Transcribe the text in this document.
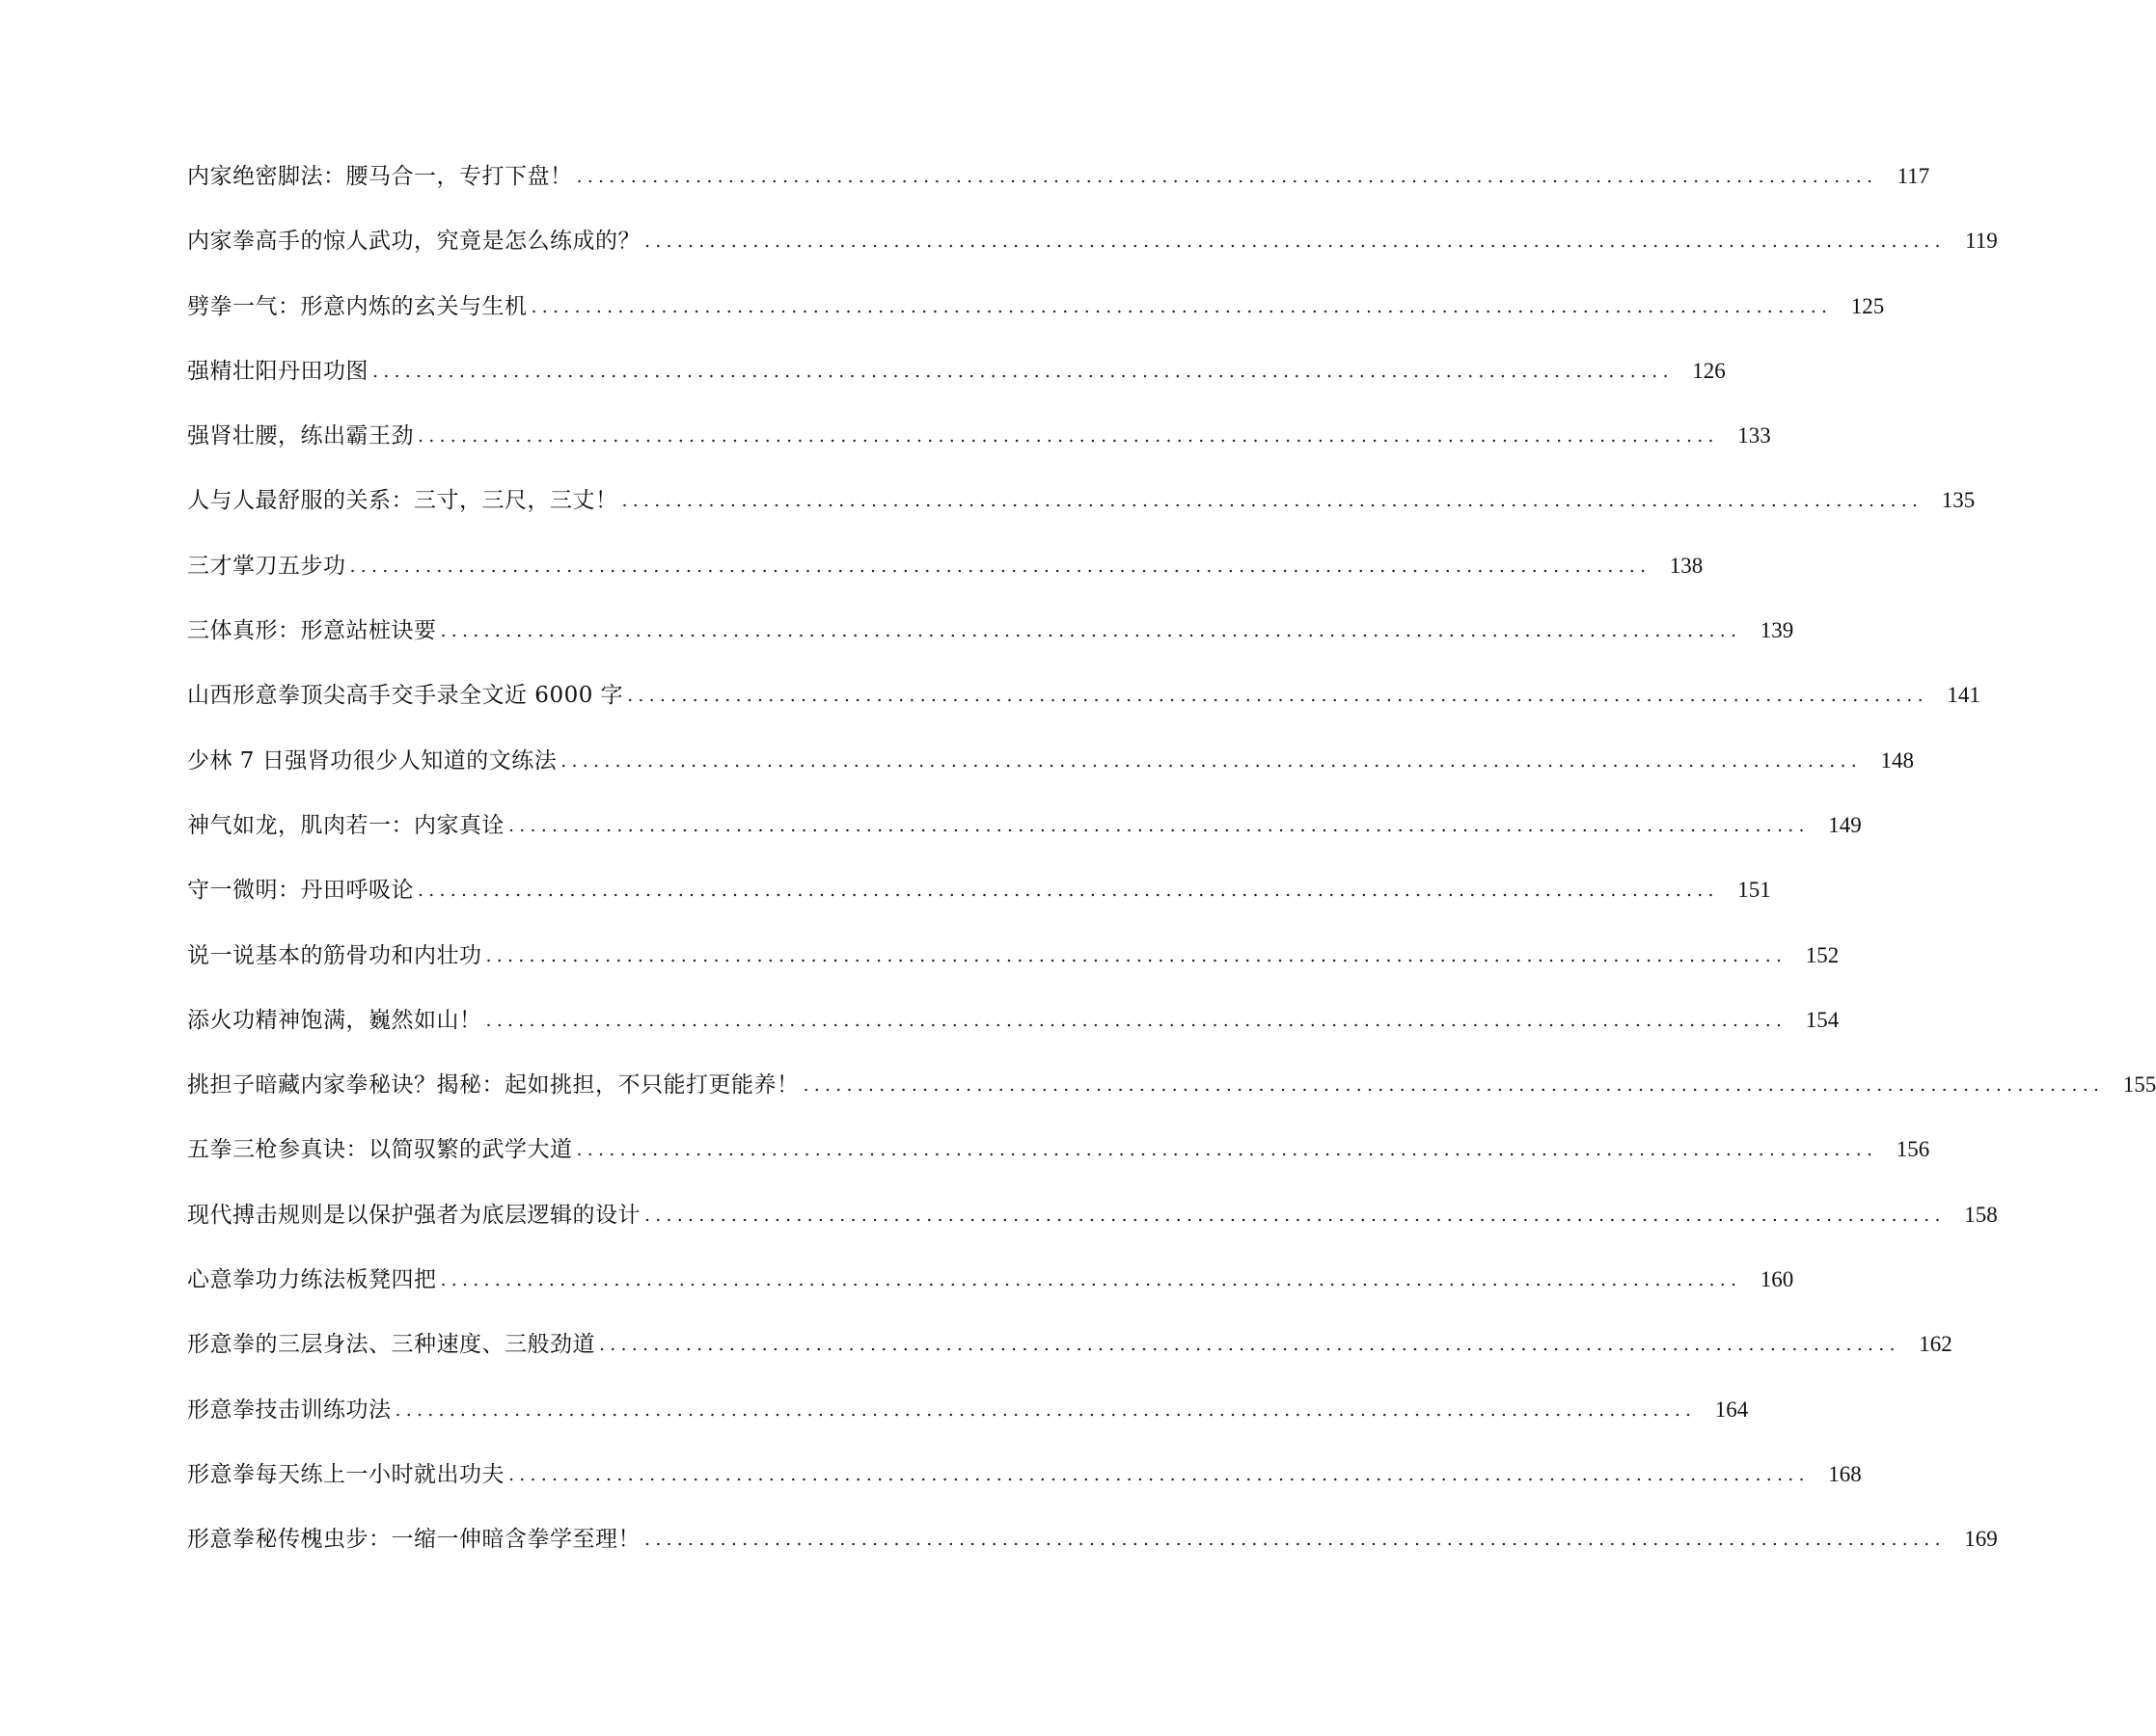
内家绝密脚法：腰马合一，专打下盘！ ........................................................................................................................ 117
内家拳高手的惊人武功，究竟是怎么练成的？ ........................................................................................................................ 119
劈拳一气：形意内炼的玄关与生机 ........................................................................................................................ 125
强精壮阳丹田功图 ........................................................................................................................ 126
强肾壮腰，练出霸王劲 ........................................................................................................................ 133
人与人最舒服的关系：三寸，三尺，三丈！ ........................................................................................................................ 135
三才掌刀五步功 ........................................................................................................................ 138
三体真形：形意站桩诀要 ........................................................................................................................ 139
山西形意拳顶尖高手交手录全文近 6000 字 ........................................................................................................................ 141
少林 7 日强肾功很少人知道的文练法 ........................................................................................................................ 148
神气如龙，肌肉若一：内家真诠 ........................................................................................................................ 149
守一微明：丹田呼吸论 ........................................................................................................................ 151
说一说基本的筋骨功和内壮功 ........................................................................................................................ 152
添火功精神饱满，巍然如山！ ........................................................................................................................ 154
挑担子暗藏内家拳秘诀？揭秘：起如挑担，不只能打更能养！ ........................................................................................................................ 155
五拳三枪参真诀：以简驭繁的武学大道 ........................................................................................................................ 156
现代搏击规则是以保护强者为底层逻辑的设计 ........................................................................................................................ 158
心意拳功力练法板凳四把 ........................................................................................................................ 160
形意拳的三层身法、三种速度、三般劲道 ........................................................................................................................ 162
形意拳技击训练功法 ........................................................................................................................ 164
形意拳每天练上一小时就出功夫 ........................................................................................................................ 168
形意拳秘传槐虫步：一缩一伸暗含拳学至理！ ........................................................................................................................ 169
